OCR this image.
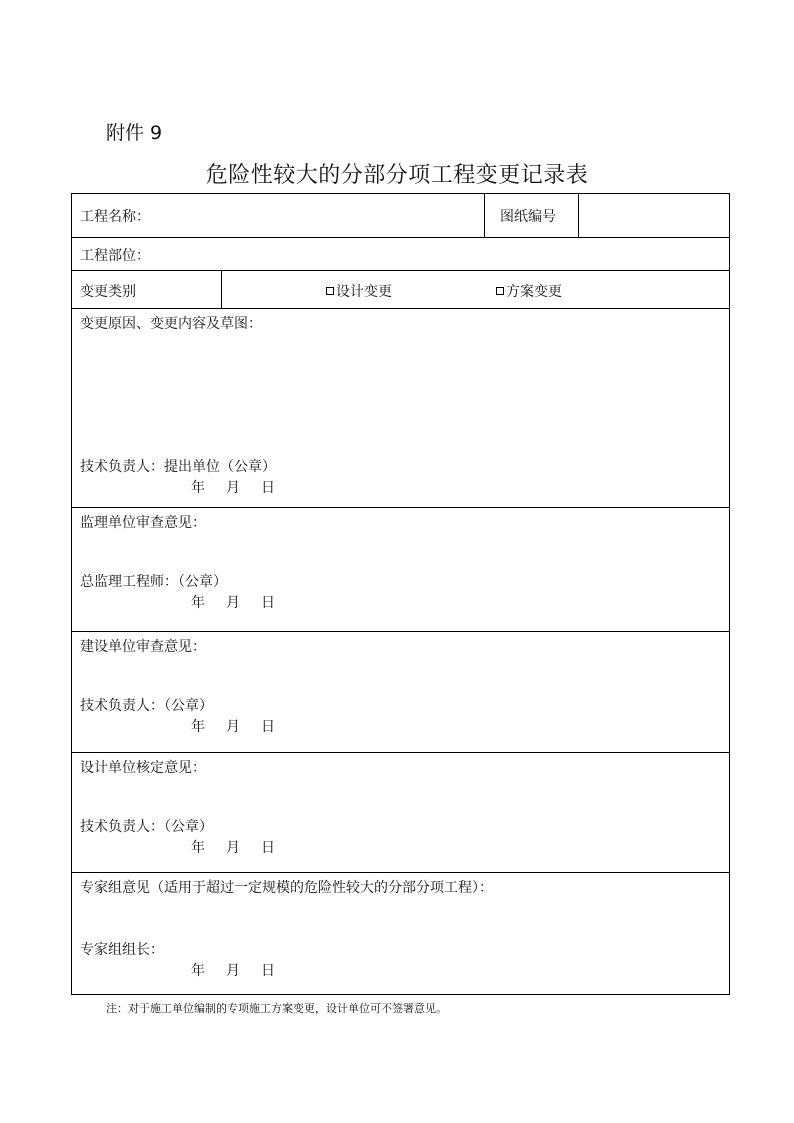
附件 9
危险性较大的分部分项工程变更记录表
工程名称：	图纸编号
工程部位：
变更类别	设计变更	方案变更
变更原因、变更内容及草图：
技术负责人：提出单位（公章）
年 月 日
监理单位审查意见：
总监理工程师：（公章）
年 月 日
建设单位审查意见：
技术负责人：（公章）
年 月 日
设计单位核定意见：
技术负责人：（公章）
年 月 日
专家组意见（适用于超过一定规模的危险性较大的分部分项工程）：
专家组组长：
年 月 日
注：对于施工单位编制的专项施工方案变更，设计单位可不签署意见。
